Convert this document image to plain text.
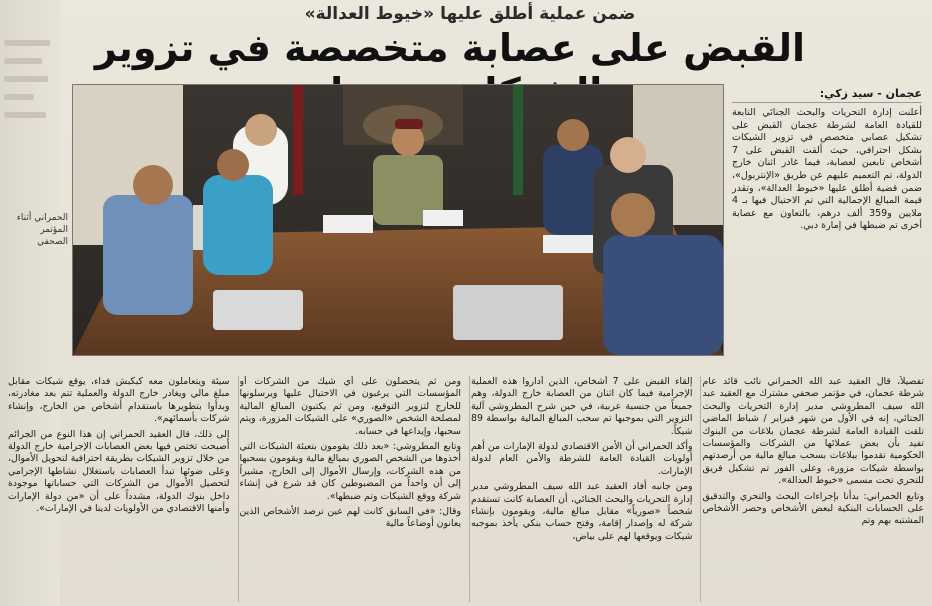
ضمن عملية أطلق عليها «خيوط العدالة»
القبض على عصابة متخصصة في تزوير
الحمراني أثناء المؤتمر الصحفي
عجمان - سيد زكي:
أعلنت إدارة التحريات والبحث الجنائي التابعة للقيادة العامة لشرطة عجمان القبض على تشكيل عصابي متخصص في تزوير الشيكات بشكل احترافي، حيث ألقت القبض على 7 أشخاص تابعين لعصابة، فيما غادر اثنان خارج الدولة، تم التعميم عليهم عن طريق «الإنتربول»، ضمن قضية أطلق عليها «خيوط العدالة»، وتقدر قيمة المبالغ الإجمالية التي تم الاحتيال فيها بـ 4 ملايين و359 ألف درهم، بالتعاون مع عصابة أخرى تم ضبطها في إمارة دبي.

تفصيلاً، قال العقيد عبد الله الحمراني نائب قائد عام شرطة عجمان، في مؤتمر صحفي مشترك مع العقيد عبد الله سيف المطروشي مدير إدارة التحريات والبحث الجنائي، إنه في الأول من شهر فبراير / شباط الماضي تلقت القيادة العامة لشرطة عجمان بلاغات من البنوك تفيد بأن بعض عملائها من الشركات والمؤسسات الحكومية تقدموا ببلاغات بسحب مبالغ مالية من أرصدتهم بواسطة شيكات مزورة، وعلى الفور تم تشكيل فريق للتحري تحت مسمى «خيوط العدالة».

وتابع الحمراني: بدأنا بإجراءات البحث والتحري والتدقيق على الحسابات البنكية لبعض الأشخاص وحصر الأشخاص المشتبه بهم وتم

إلقاء القبض على 7 أشخاص، الذين أداروا هذه العملية الإجرامية فيما كان اثنان من العصابة خارج الدولة، وهم جميعاً من جنسية عربية، في حين شرح المطروشي آلية التزوير التي بموجبها تم سحب المبالغ المالية بواسطة 89 شيكاً.

وأكد الحمراني أن الأمن الاقتصادي لدولة الإمارات من أهم أولويات القيادة العامة للشرطة والأمن العام لدولة الإمارات.

ومن جانبه أفاد العقيد عبد الله سيف المطروشي مدير إدارة التحريات والبحث الجنائي، أن العصابة كانت تستقدم شخصاً «صورياً» مقابل مبالغ مالية، ويقومون بإنشاء شركة له وإصدار إقامة، وفتح حساب بنكي يأخذ بموجبه شيكات ويوقعها لهم على بياض،

ومن ثم يتحصلون على أي شيك من الشركات أو المؤسسات التي يرغبون في الاحتيال عليها ويرسلونها للخارج لتزوير التوقيع، ومن ثم يكتبون المبالغ المالية لمصلحة الشخص «الصوري» على الشيكات المزورة، ويتم سحبها، وإيداعها في حسابه.

وتابع المطروشي: «بعد ذلك يقومون بتعبئة الشيكات التي أخذوها من الشخص الصوري بمبالغ مالية ويقومون بسحبها من هذه الشركات، وإرسال الأموال إلى الخارج، مشيراً إلى أن واحداً من المضبوطين كان قد شرع في إنشاء شركة ووقع الشيكات وتم ضبطها».

وقال: «في السابق كانت لهم عين ترصد الأشخاص الذين يعانون أوضاعاً مالية

سيئة ويتعاملون معه كبكبش فداء، يوقع شيكات مقابل مبلغ مالي ويغادر خارج الدولة والعملية تتم بعد مغادرته، وبدأوا بتطويرها باستقدام أشخاص من الخارج، وإنشاء شركات بأسمائهم».

إلى ذلك، قال العقيد الحمراني إن هذا النوع من الجرائم أصبحت تختص فيها بعض العصابات الإجرامية خارج الدولة من خلال تزوير الشيكات بطريقة احترافية لتحويل الأموال، وعلى ضوئها تبدأ العصابات باستغلال نشاطها الإجرامي لتحصيل الأموال من الشركات التي حساباتها موجودة داخل بنوك الدولة، مشدداً على أن «من دولة الإمارات وأمنها الاقتصادي من الأولويات لدينا في الإمارات».
